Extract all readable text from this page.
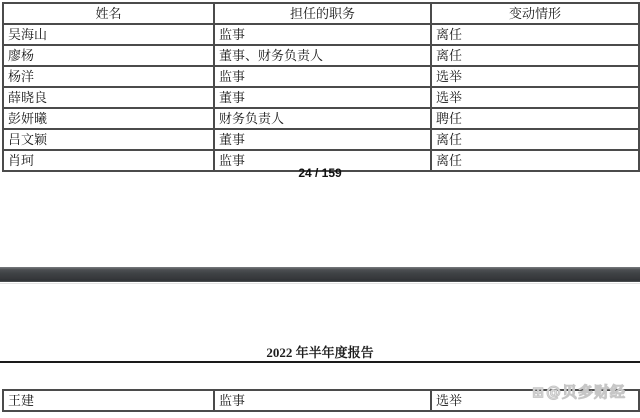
姓名	担任的职务	变动情形
吴海山	监事	离任
廖杨	董事、财务负责人	离任
杨洋	监事	选举
薛晓良	董事	选举
彭妍曦	财务负责人	聘任
吕文颖	董事	离任
肖珂	监事	离任
24 / 159
2022 年半年度报告
王建	监事	选举	⊞@贝多财经
